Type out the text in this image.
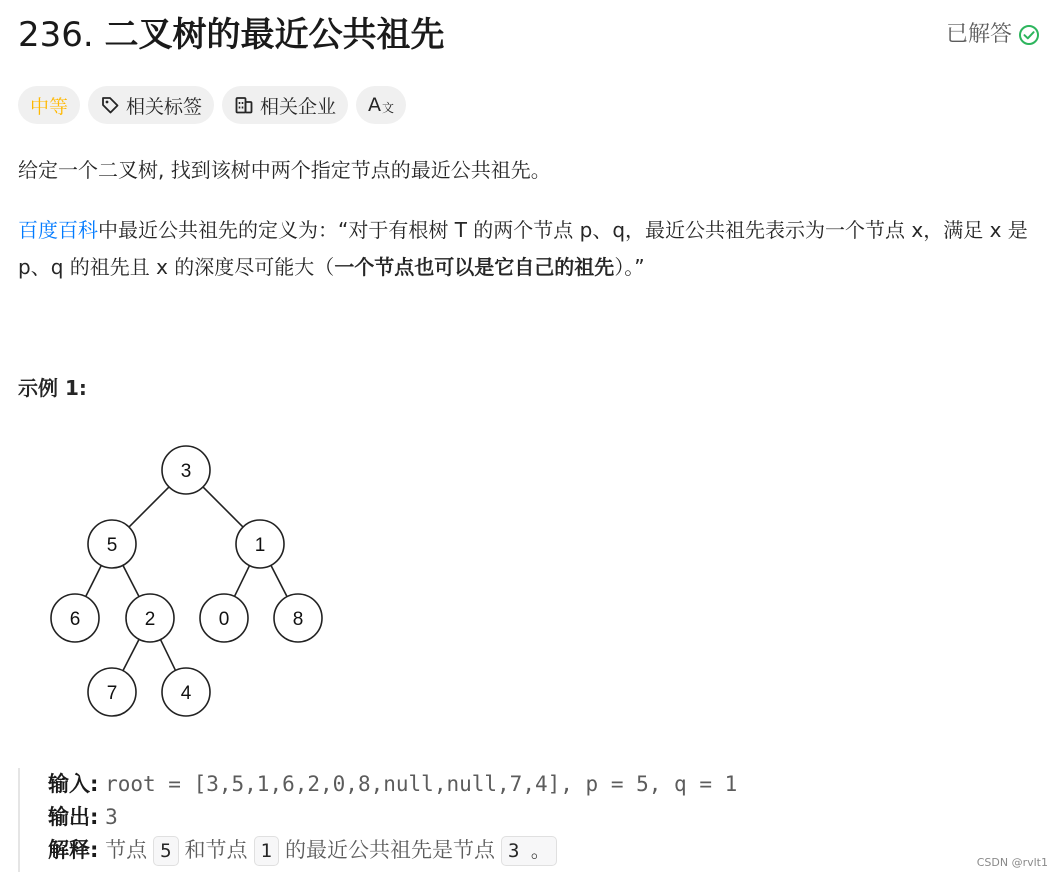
236. 二叉树的最近公共祖先	已解答
中等	相关标签	相关企业 A 文
给定一个二叉树, 找到该树中两个指定节点的最近公共祖先。
百度百科中最近公共祖先的定义为：“对于有根树 T 的两个节点 p、q，最近公共祖先表示为一个节点 x，满足 x 是 p、q 的祖先且 x 的深度尽可能大（一个节点也可以是它自己的祖先）。”
示例 1:
3
5	1
6	2	0	8
7	4
输入: root = [3,5,1,6,2,0,8,null,null,7,4], p = 5, q = 1
输出: 3
解释: 节点 5 和节点 1 的最近公共祖先是节点 3 。
CSDN @rvlt1
